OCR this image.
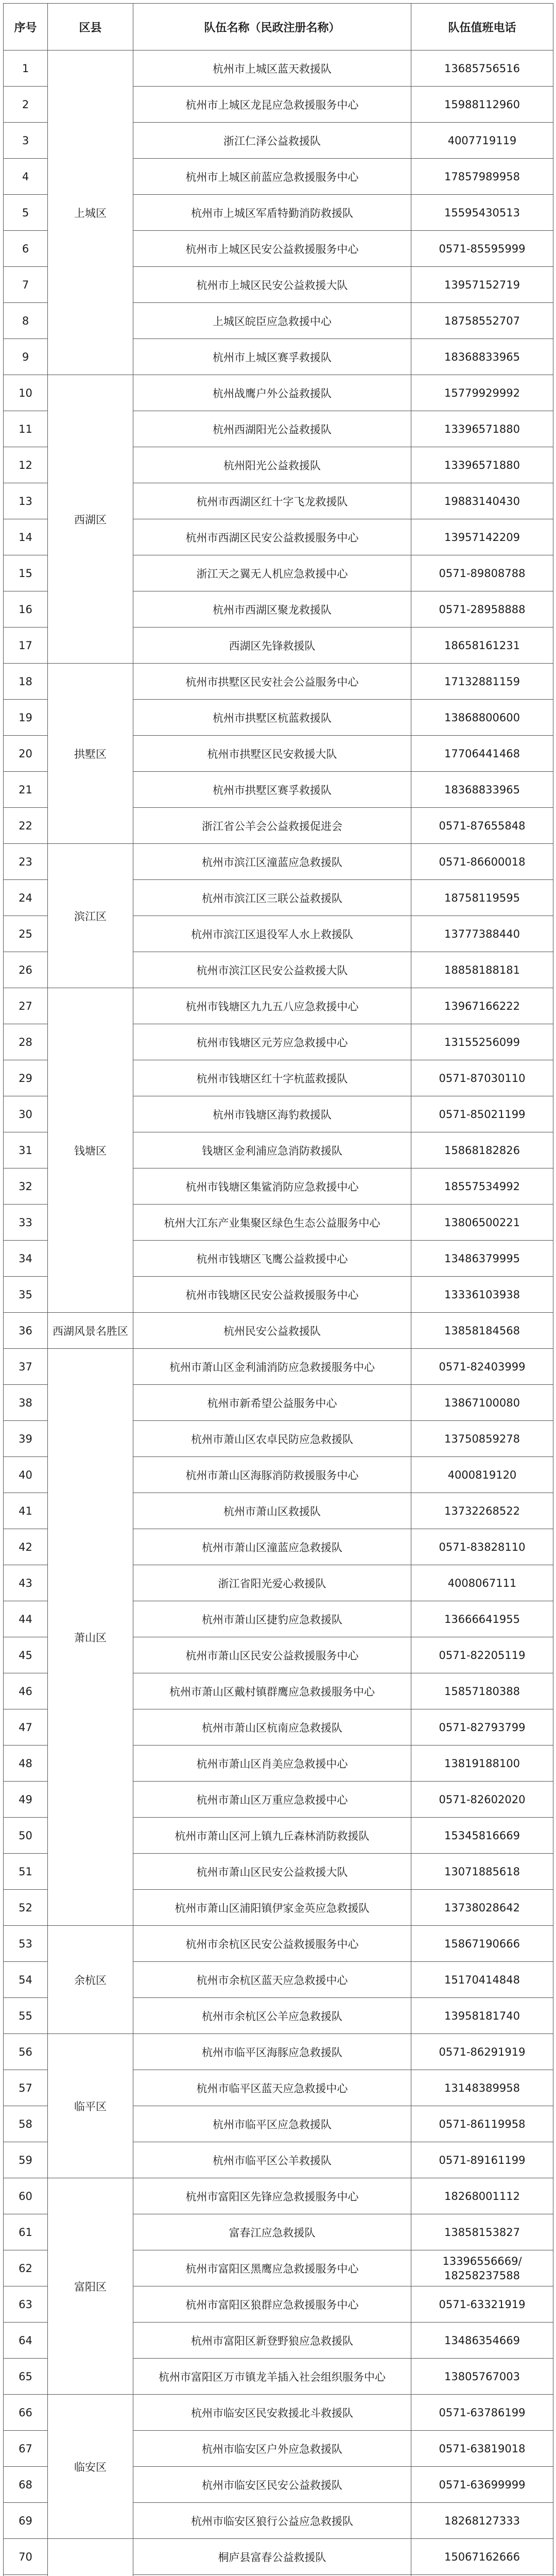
序号	区县	队伍名称（民政注册名称）	队伍值班电话
1	上城区	杭州市上城区蓝天救援队	13685756516
2		杭州市上城区龙昆应急救援服务中心	15988112960
3		浙江仁泽公益救援队	4007719119
4		杭州市上城区前蓝应急救援服务中心	17857989958
5		杭州市上城区军盾特勤消防救援队	15595430513
6		杭州市上城区民安公益救援服务中心	0571-85595999
7		杭州市上城区民安公益救援大队	13957152719
8		上城区皖臣应急救援中心	18758552707
9		杭州市上城区赛孚救援队	18368833965
10	西湖区	杭州战鹰户外公益救援队	15779929992
11		杭州西湖阳光公益救援队	13396571880
12		杭州阳光公益救援队	13396571880
13		杭州市西湖区红十字飞龙救援队	19883140430
14		杭州市西湖区民安公益救援服务中心	13957142209
15		浙江天之翼无人机应急救援中心	0571-89808788
16		杭州市西湖区聚龙救援队	0571-28958888
17		西湖区先锋救援队	18658161231
18	拱墅区	杭州市拱墅区民安社会公益服务中心	17132881159
19		杭州市拱墅区杭蓝救援队	13868800600
20		杭州市拱墅区民安救援大队	17706441468
21		杭州市拱墅区赛孚救援队	18368833965
22		浙江省公羊会公益救援促进会	0571-87655848
23	滨江区	杭州市滨江区潼蓝应急救援队	0571-86600018
24		杭州市滨江区三联公益救援队	18758119595
25		杭州市滨江区退役军人水上救援队	13777388440
26		杭州市滨江区民安公益救援大队	18858188181
27	钱塘区	杭州市钱塘区九九五八应急救援中心	13967166222
28		杭州市钱塘区元芳应急救援中心	13155256099
29		杭州市钱塘区红十字杭蓝救援队	0571-87030110
30		杭州市钱塘区海豹救援队	0571-85021199
31		钱塘区金利浦应急消防救援队	15868182826
32		杭州市钱塘区集鲨消防应急救援中心	18557534992
33		杭州大江东产业集聚区绿色生态公益服务中心	13806500221
34		杭州市钱塘区飞鹰公益救援中心	13486379995
35		杭州市钱塘区民安公益救援服务中心	13336103938
36	西湖风景名胜区	杭州民安公益救援队	13858184568
37	萧山区	杭州市萧山区金利浦消防应急救援服务中心	0571-82403999
38		杭州市新希望公益服务中心	13867100080
39		杭州市萧山区农卓民防应急救援队	13750859278
40		杭州市萧山区海豚消防救援服务中心	4000819120
41		杭州市萧山区救援队	13732268522
42		杭州市萧山区潼蓝应急救援队	0571-83828110
43		浙江省阳光爱心救援队	4008067111
44		杭州市萧山区捷豹应急救援队	13666641955
45		杭州市萧山区民安公益救援服务中心	0571-82205119
46		杭州市萧山区戴村镇群鹰应急救援服务中心	15857180388
47		杭州市萧山区杭南应急救援队	0571-82793799
48		杭州市萧山区肖美应急救援中心	13819188100
49		杭州市萧山区万重应急救援中心	0571-82602020
50		杭州市萧山区河上镇九丘森林消防救援队	15345816669
51		杭州市萧山区民安公益救援大队	13071885618
52		杭州市萧山区浦阳镇伊家金英应急救援队	13738028642
53	余杭区	杭州市余杭区民安公益救援服务中心	15867190666
54		杭州市余杭区蓝天应急救援中心	15170414848
55		杭州市余杭区公羊应急救援队	13958181740
56	临平区	杭州市临平区海豚应急救援队	0571-86291919
57		杭州市临平区蓝天应急救援中心	13148389958
58		杭州市临平区应急救援队	0571-86119958
59		杭州市临平区公羊救援队	0571-89161199
60	富阳区	杭州市富阳区先锋应急救援服务中心	18268001112
61		富春江应急救援队	13858153827
62		杭州市富阳区黑鹰应急救援服务中心	13396556669/
18258237588

63		杭州市富阳区狼群应急救援服务中心	0571-63321919
64		杭州市富阳区新登野狼应急救援队	13486354669
65		杭州市富阳区万市镇龙羊插入社会组织服务中心	13805767003
66	临安区	杭州市临安区民安救援北斗救援队	0571-63786199
67		杭州市临安区户外应急救援队	0571-63819018
68		杭州市临安区民安公益救援队	0571-63699999
69		杭州市临安区狼行公益应急救援队	18268127333
70		桐庐县富春公益救援队	15067162666
